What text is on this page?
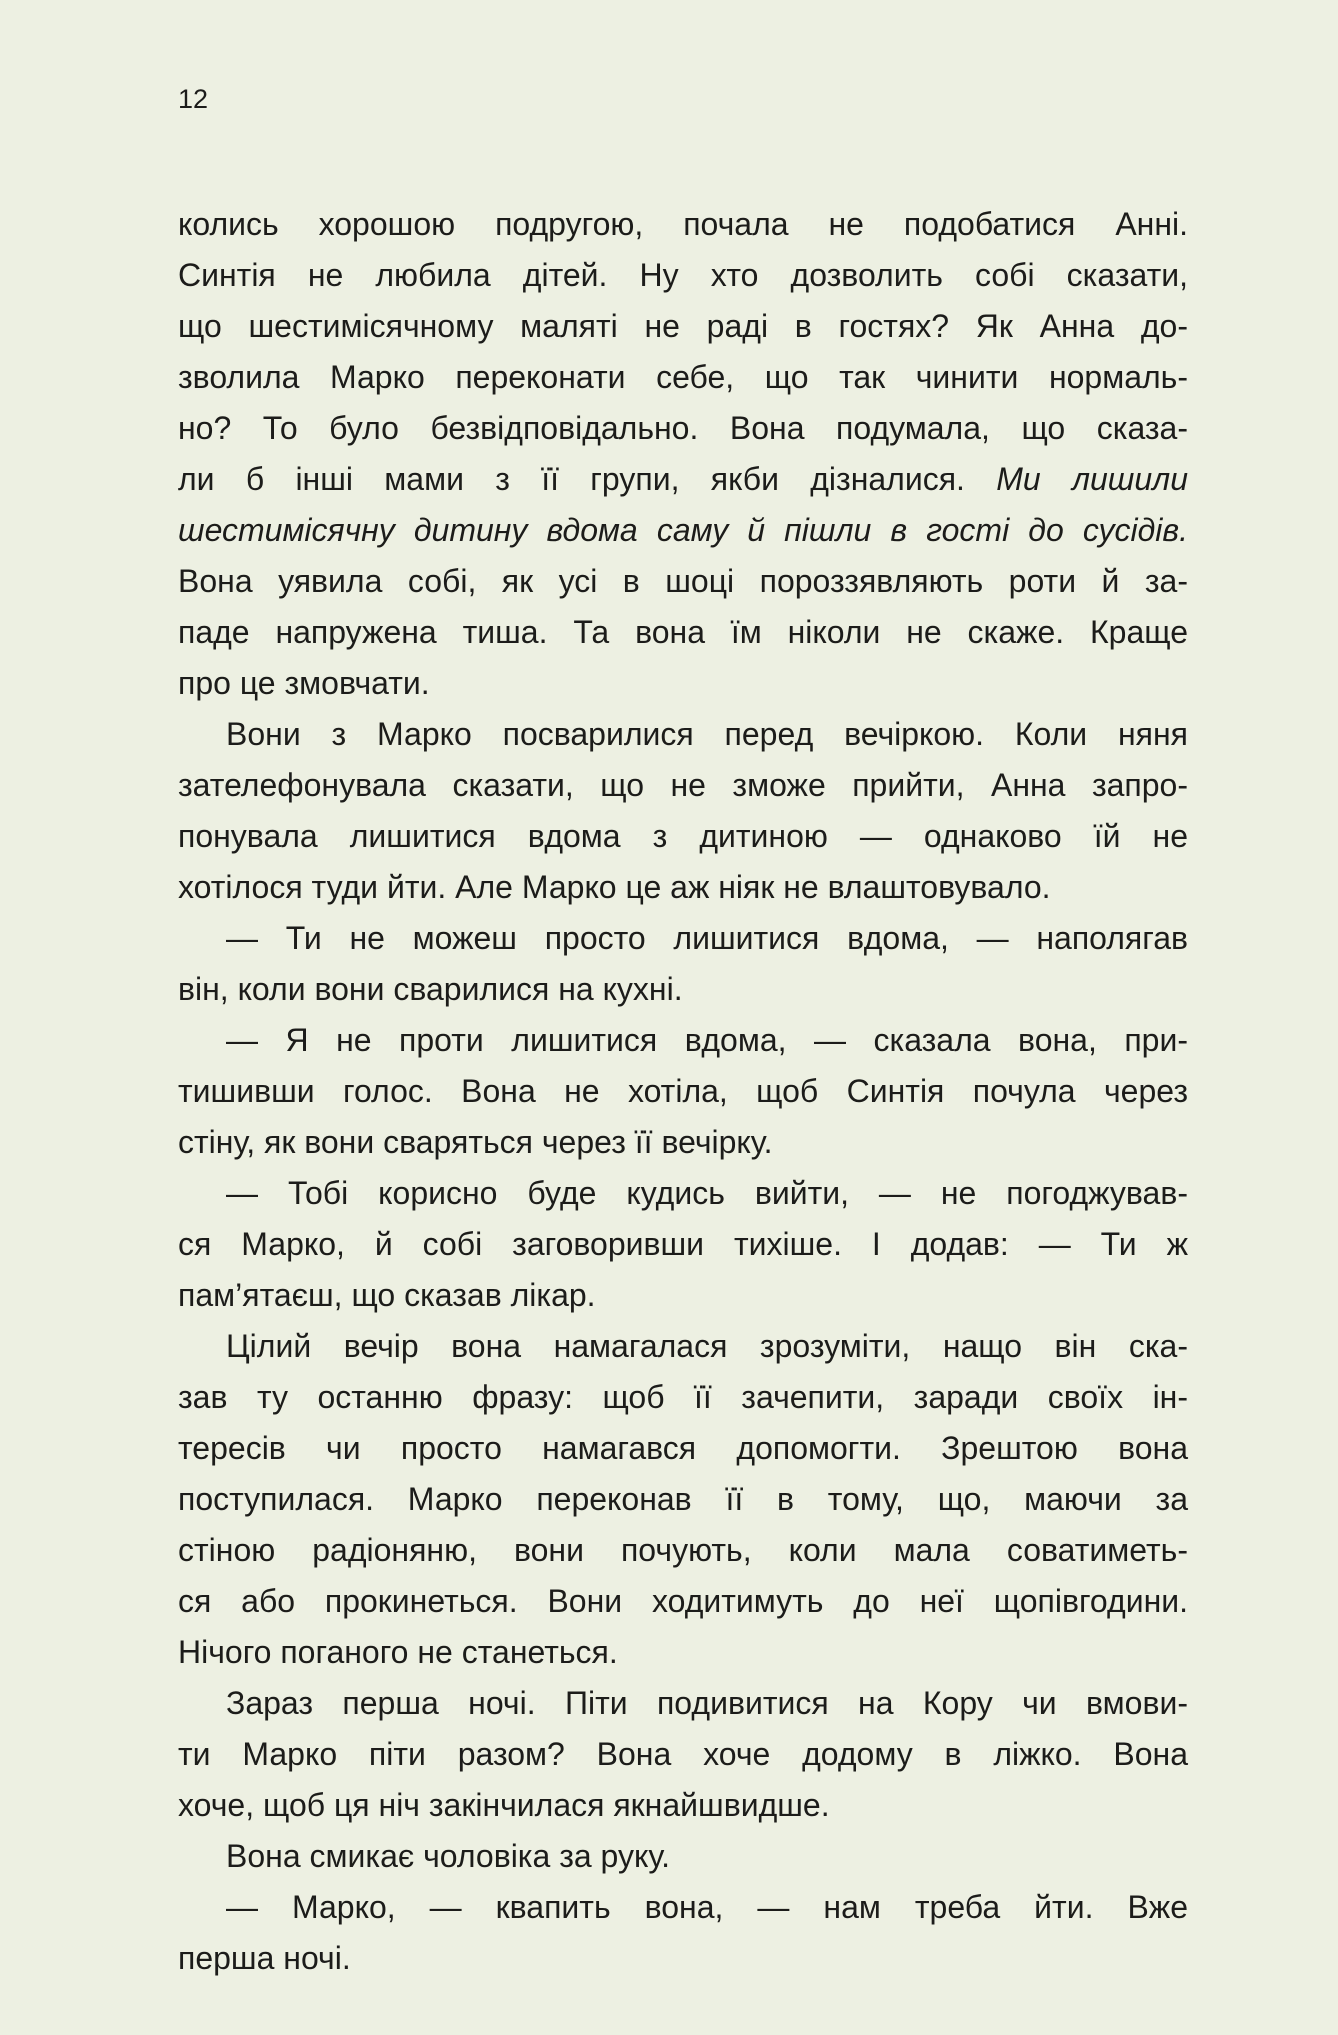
12
колись хорошою подругою, почала не подобатися Анні.
Синтія не любила дітей. Ну хто дозволить собі сказати,
що шестимісячному маляті не раді в гостях? Як Анна до-
зволила Марко переконати себе, що так чинити нормаль-
но? То було безвідповідально. Вона подумала, що сказа-
ли б інші мами з її групи, якби дізналися. Ми лишили
шестимісячну дитину вдома саму й пішли в гості до сусідів.
Вона уявила собі, як усі в шоці пороззявляють роти й за-
паде напружена тиша. Та вона їм ніколи не скаже. Краще
про це змовчати.
Вони з Марко посварилися перед вечіркою. Коли няня
зателефонувала сказати, що не зможе прийти, Анна запро-
понувала лишитися вдома з дитиною — однаково їй не
хотілося туди йти. Але Марко це аж ніяк не влаштовувало.
— Ти не можеш просто лишитися вдома, — наполягав
він, коли вони сварилися на кухні.
— Я не проти лишитися вдома, — сказала вона, при-
тишивши голос. Вона не хотіла, щоб Синтія почула через
стіну, як вони сваряться через її вечірку.
— Тобі корисно буде кудись вийти, — не погоджував-
ся Марко, й собі заговоривши тихіше. І додав: — Ти ж
пам’ятаєш, що сказав лікар.
Цілий вечір вона намагалася зрозуміти, нащо він ска-
зав ту останню фразу: щоб її зачепити, заради своїх ін-
тересів чи просто намагався допомогти. Зрештою вона
поступилася. Марко переконав її в тому, що, маючи за
стіною радіоняню, вони почують, коли мала соватиметь-
ся або прокинеться. Вони ходитимуть до неї щопівгодини.
Нічого поганого не станеться.
Зараз перша ночі. Піти подивитися на Кору чи вмови-
ти Марко піти разом? Вона хоче додому в ліжко. Вона
хоче, щоб ця ніч закінчилася якнайшвидше.
Вона смикає чоловіка за руку.
— Марко, — квапить вона, — нам треба йти. Вже
перша ночі.
